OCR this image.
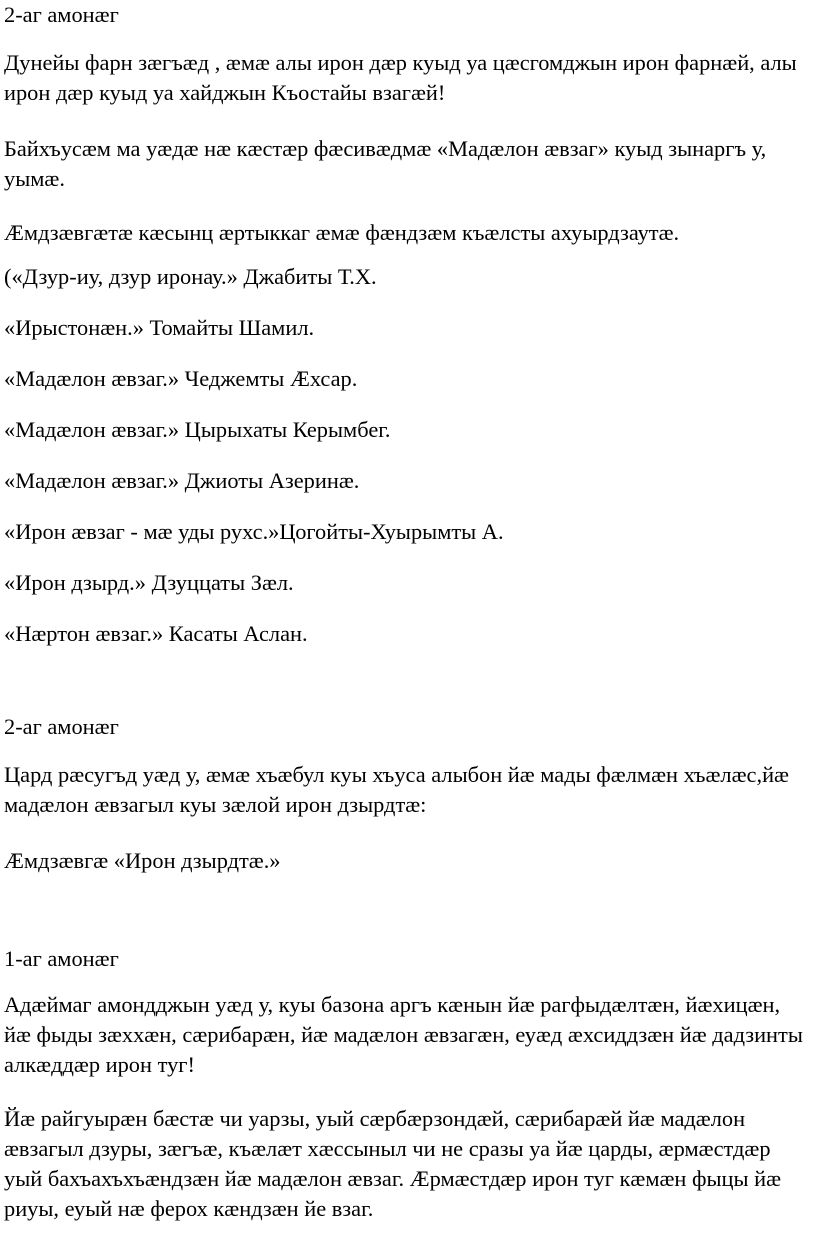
2-аг амонæг

Дунейы фарн зæгъæд , æмæ алы ирон дæр куыд уа цæсгомджын ирон фарнæй, алы ирон дæр куыд уа хайджын Къостайы взагæй!

Байхъусæм ма уæдæ нæ кæстæр фæсивæдмæ «Мадæлон æвзаг» куыд зынаргъ у, уымæ.

Æмдзæвгæтæ кæсынц æртыккаг æмæ фæндзæм къæлсты ахуырдзаутæ.

(«Дзур-иу, дзур иронау.» Джабиты Т.Х.
«Ирыстонæн.» Томайты Шамил.
«Мадæлон æвзаг.» Чеджемты Æхсар.
«Мадæлон æвзаг.» Цырыхаты Керымбег.
«Мадæлон æвзаг.» Джиоты Азеринæ.
«Ирон æвзаг - мæ уды рухс.»Цогойты-Хуырымты А.
«Ирон дзырд.» Дзуццаты Зæл.
«Нæртон æвзаг.» Касаты Аслан.

2-аг амонæг

Цард рæсугъд уæд у, æмæ хъæбул куы хъуса алыбон йæ мады фæлмæн хъæлæс,йæ мадæлон æвзагыл куы зæлой ирон дзырдтæ:

Æмдзæвгæ «Ирон дзырдтæ.»

1-аг амонæг

Адæймаг амондджын уæд у, куы базона аргъ кæнын йæ рагфыдæлтæн, йæхицæн, йæ фыды зæххæн, сæрибарæн, йæ мадæлон æвзагæн, еуæд æхсиддзæн йæ дадзинты алкæддæр ирон туг!

Йæ райгуырæн бæстæ чи уарзы, уый сæрбæрзондæй, сæрибарæй йæ мадæлон æвзагыл дзуры, зæгъæ, къæлæт хæссыныл чи не сразы уа йæ царды, æрмæстдæр уый бахъахъхъæндзæн йæ мадæлон æвзаг. Æрмæстдæр ирон туг кæмæн фыцы йæ риуы, еуый нæ ферох кæндзæн йе взаг.
